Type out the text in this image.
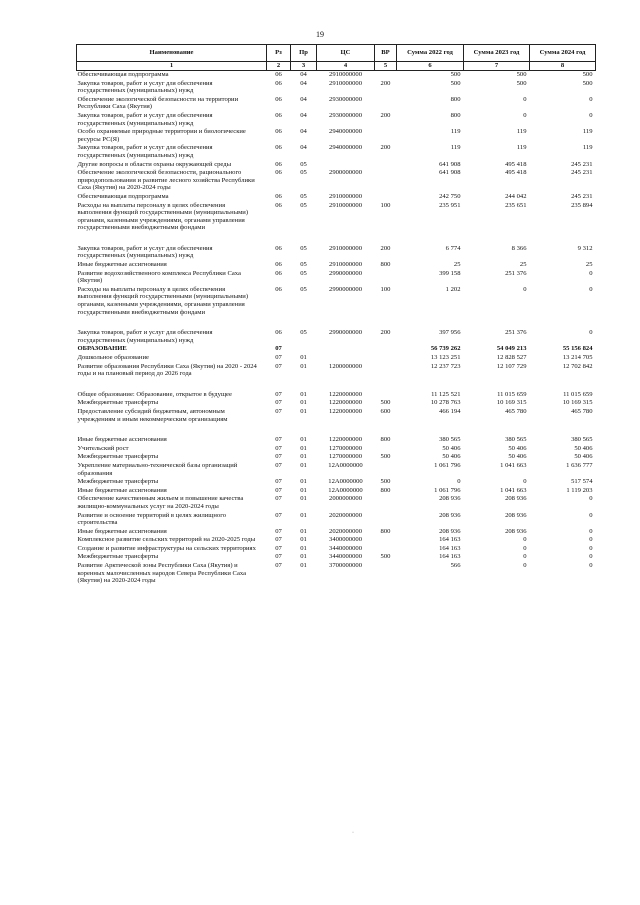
19
Наименование	Рз	Пр	ЦС	ВР	Сумма 2022 год	Сумма 2023 год	Сумма 2024 год
1	2	3	4	5	6	7	8
Обеспечивающая подпрограмма	06	04	2910000000		500	500	500
Закупка товаров, работ и услуг для обеспечения государственных (муниципальных) нужд	06	04	2910000000	200	500	500	500
Обеспечение экологической безопасности на территории Республики Саха (Якутия)	06	04	2930000000		800	0	0
Закупка товаров, работ и услуг для обеспечения государственных (муниципальных) нужд	06	04	2930000000	200	800	0	0
Особо охраняемые природные территории и биологические ресурсы РС(Я)	06	04	2940000000		119	119	119
Закупка товаров, работ и услуг для обеспечения государственных (муниципальных) нужд	06	04	2940000000	200	119	119	119
Другие вопросы в области охраны окружающей среды	06	05			641 908	495 418	245 231
Обеспечение экологической безопасности, рационального природопользования и развитие лесного хозяйства Республики Саха (Якутия) на 2020-2024 годы	06	05	2900000000		641 908	495 418	245 231
Обеспечивающая подпрограмма	06	05	2910000000		242 750	244 042	245 231
Расходы на выплаты персоналу в целях обеспечения выполнения функций государственными (муниципальными) органами, казенными учреждениями, органами управления государственными внебюджетными фондами	06	05	2910000000	100	235 951	235 651	235 894

Закупка товаров, работ и услуг для обеспечения государственных (муниципальных) нужд	06	05	2910000000	200	6 774	8 366	9 312
Иные бюджетные ассигнования	06	05	2910000000	800	25	25	25
Развитие водохозяйственного комплекса Республики Саха (Якутия)	06	05	2990000000		399 158	251 376	0
Расходы на выплаты персоналу в целях обеспечения выполнения функций государственными (муниципальными) органами, казенными учреждениями, органами управления государственными внебюджетными фондами	06	05	2990000000	100	1 202	0	0

Закупка товаров, работ и услуг для обеспечения государственных (муниципальных) нужд	06	05	2990000000	200	397 956	251 376	0
ОБРАЗОВАНИЕ	07				56 739 262	54 049 213	55 156 824
Дошкольное образование	07	01			13 123 251	12 828 527	13 214 705
Развитие образования Республики Саха (Якутия) на 2020 - 2024 годы и на плановый период до 2026 года	07	01	1200000000		12 237 723	12 107 729	12 702 842

Общее образование: Образование, открытое в будущее	07	01	1220000000		11 125 521	11 015 659	11 015 659
Межбюджетные трансферты	07	01	1220000000	500	10 278 763	10 169 315	10 169 315
Предоставление субсидий бюджетным, автономным учреждениям и иным некоммерческим организациям	07	01	1220000000	600	466 194	465 780	465 780

Иные бюджетные ассигнования	07	01	1220000000	800	380 565	380 565	380 565
Учительский рост	07	01	1270000000		50 406	50 406	50 406
Межбюджетные трансферты	07	01	1270000000	500	50 406	50 406	50 406
Укрепление материально-технической базы организаций образования	07	01	12А0000000		1 061 796	1 041 663	1 636 777
Межбюджетные трансферты	07	01	12А0000000	500	0	0	517 574
Иные бюджетные ассигнования	07	01	12А0000000	800	1 061 796	1 041 663	1 119 203
Обеспечение качественным жильем и повышение качества жилищно-коммунальных услуг на 2020-2024 годы	07	01	2000000000		208 936	208 936	0
Развитие и освоение территорий в целях жилищного строительства	07	01	2020000000		208 936	208 936	0
Иные бюджетные ассигнования	07	01	2020000000	800	208 936	208 936	0
Комплексное развитие сельских территорий на 2020-2025 годы	07	01	3400000000		164 163	0	0
Создание и развитие инфраструктуры на сельских территориях	07	01	3440000000		164 163	0	0
Межбюджетные трансферты	07	01	3440000000	500	164 163	0	0
Развитие Арктической зоны Республики Саха (Якутия) и коренных малочисленных народов Севера Республики Саха (Якутия) на 2020-2024 годы	07	01	3700000000		566	0	0
·
